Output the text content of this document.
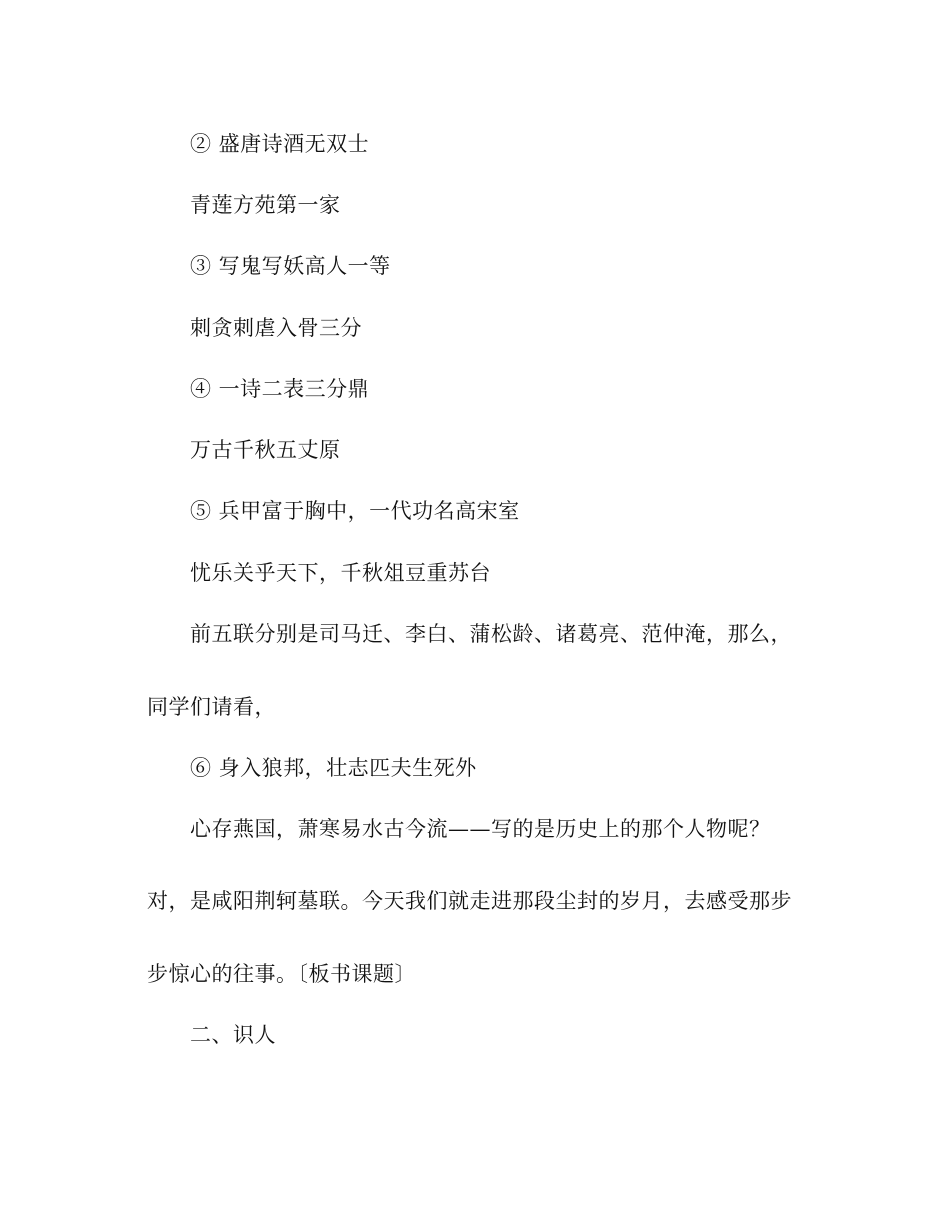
② 盛唐诗酒无双士
青莲方苑第一家
③ 写鬼写妖高人一等
刺贪刺虐入骨三分
④ 一诗二表三分鼎
万古千秋五丈原
⑤ 兵甲富于胸中，一代功名高宋室
忧乐关乎天下，千秋俎豆重苏台
前五联分别是司马迁、李白、蒲松龄、诸葛亮、范仲淹，那么，
同学们请看，
⑥ 身入狼邦，壮志匹夫生死外
心存燕国，萧寒易水古今流——写的是历史上的那个人物呢？
对，是咸阳荆轲墓联。今天我们就走进那段尘封的岁月，去感受那步
步惊心的往事。〔板书课题〕
二、识人
